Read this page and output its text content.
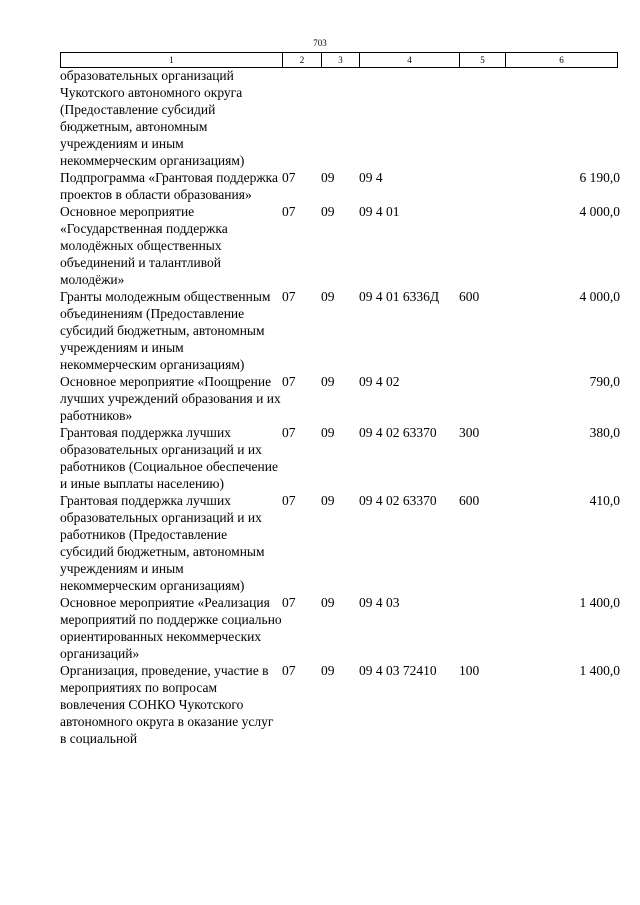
703
1	2	3	4	5	6
образовательных организаций Чукотского автономного округа (Предоставление субсидий бюджетным, автономным учреждениям и иным некоммерческим организациям)					
Подпрограмма «Грантовая поддержка проектов в области образования»	07	09	09 4		6 190,0
Основное мероприятие «Государственная поддержка молодёжных общественных объединений и талантливой молодёжи»	07	09	09 4 01		4 000,0
Гранты молодежным общественным объединениям (Предоставление субсидий бюджетным, автономным учреждениям и иным некоммерческим организациям)	07	09	09 4 01 6336Д	600	4 000,0
Основное мероприятие «Поощрение лучших учреждений образования и их работников»	07	09	09 4 02		790,0
Грантовая поддержка лучших образовательных организаций и их работников (Социальное обеспечение и иные выплаты населению)	07	09	09 4 02 63370	300	380,0
Грантовая поддержка лучших образовательных организаций и их работников (Предоставление субсидий бюджетным, автономным учреждениям и иным некоммерческим организациям)	07	09	09 4 02 63370	600	410,0
Основное мероприятие «Реализация мероприятий по поддержке социально ориентированных некоммерческих организаций»	07	09	09 4 03		1 400,0
Организация, проведение, участие в мероприятиях по вопросам вовлечения СОНКО Чукотского автономного округа в оказание услуг в социальной	07	09	09 4 03 72410	100	1 400,0
